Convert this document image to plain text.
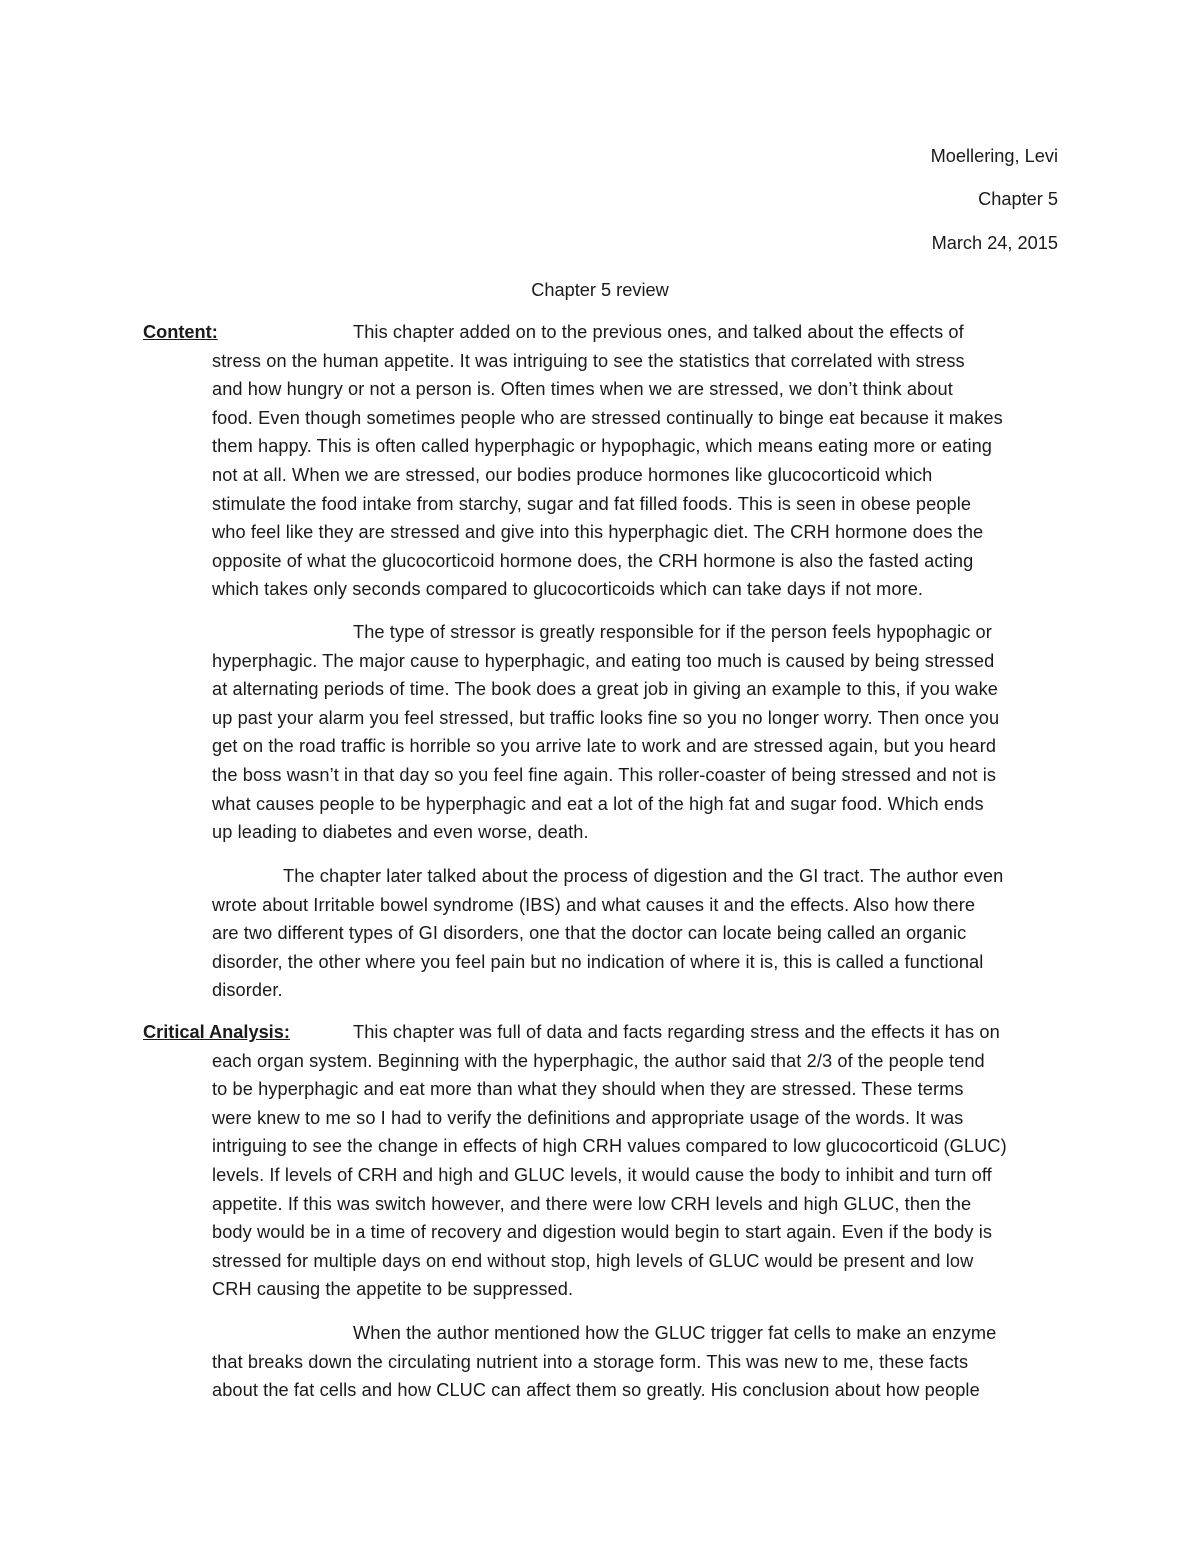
Moellering, Levi
Chapter 5
March 24, 2015
Chapter 5 review
Content:	This chapter added on to the previous ones, and talked about the effects of
stress on the human appetite. It was intriguing to see the statistics that correlated with stress
and how hungry or not a person is. Often times when we are stressed, we don’t think about
food. Even though sometimes people who are stressed continually to binge eat because it makes
them happy. This is often called hyperphagic or hypophagic, which means eating more or eating
not at all. When we are stressed, our bodies produce hormones like glucocorticoid which
stimulate the food intake from starchy, sugar and fat filled foods. This is seen in obese people
who feel like they are stressed and give into this hyperphagic diet. The CRH hormone does the
opposite of what the glucocorticoid hormone does, the CRH hormone is also the fasted acting
which takes only seconds compared to glucocorticoids which can take days if not more.
The type of stressor is greatly responsible for if the person feels hypophagic or
hyperphagic. The major cause to hyperphagic, and eating too much is caused by being stressed
at alternating periods of time. The book does a great job in giving an example to this, if you wake
up past your alarm you feel stressed, but traffic looks fine so you no longer worry. Then once you
get on the road traffic is horrible so you arrive late to work and are stressed again, but you heard
the boss wasn’t in that day so you feel fine again. This roller-coaster of being stressed and not is
what causes people to be hyperphagic and eat a lot of the high fat and sugar food. Which ends
up leading to diabetes and even worse, death.
The chapter later talked about the process of digestion and the GI tract. The author even
wrote about Irritable bowel syndrome (IBS) and what causes it and the effects. Also how there
are two different types of GI disorders, one that the doctor can locate being called an organic
disorder, the other where you feel pain but no indication of where it is, this is called a functional
disorder.
Critical Analysis:	This chapter was full of data and facts regarding stress and the effects it has on
each organ system. Beginning with the hyperphagic, the author said that 2/3 of the people tend
to be hyperphagic and eat more than what they should when they are stressed. These terms
were knew to me so I had to verify the definitions and appropriate usage of the words. It was
intriguing to see the change in effects of high CRH values compared to low glucocorticoid (GLUC)
levels. If levels of CRH and high and GLUC levels, it would cause the body to inhibit and turn off
appetite. If this was switch however, and there were low CRH levels and high GLUC, then the
body would be in a time of recovery and digestion would begin to start again. Even if the body is
stressed for multiple days on end without stop, high levels of GLUC would be present and low
CRH causing the appetite to be suppressed.
When the author mentioned how the GLUC trigger fat cells to make an enzyme
that breaks down the circulating nutrient into a storage form. This was new to me, these facts
about the fat cells and how CLUC can affect them so greatly. His conclusion about how people
